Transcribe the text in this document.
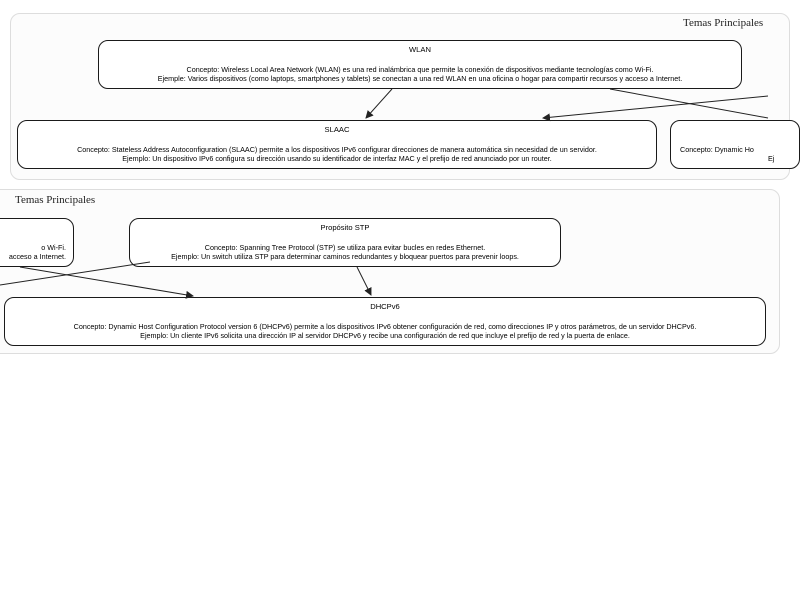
Temas Principales
Temas Principales
WLAN
Concepto: Wireless Local Area Network (WLAN) es una red inalámbrica que permite la conexión de dispositivos mediante tecnologías como Wi-Fi.
Ejemple: Varios dispositivos (como laptops, smartphones y tablets) se conectan a una red WLAN en una oficina o hogar para compartir recursos y acceso a Internet.
SLAAC
Concepto: Stateless Address Autoconfiguration (SLAAC) permite a los dispositivos IPv6 configurar direcciones de manera automática sin necesidad de un servidor.
Ejemplo: Un dispositivo IPv6 configura su dirección usando su identificador de interfaz MAC y el prefijo de red anunciado por un router.
Concepto: Dynamic Ho
Ej
o Wi-Fi.
acceso a Internet.
Propósito STP
Concepto: Spanning Tree Protocol (STP) se utiliza para evitar bucles en redes Ethernet.
Ejemplo: Un switch utiliza STP para determinar caminos redundantes y bloquear puertos para prevenir loops.
DHCPv6
Concepto: Dynamic Host Configuration Protocol version 6 (DHCPv6) permite a los dispositivos IPv6 obtener configuración de red, como direcciones IP y otros parámetros, de un servidor DHCPv6.
Ejemplo: Un cliente IPv6 solicita una dirección IP al servidor DHCPv6 y recibe una configuración de red que incluye el prefijo de red y la puerta de enlace.
